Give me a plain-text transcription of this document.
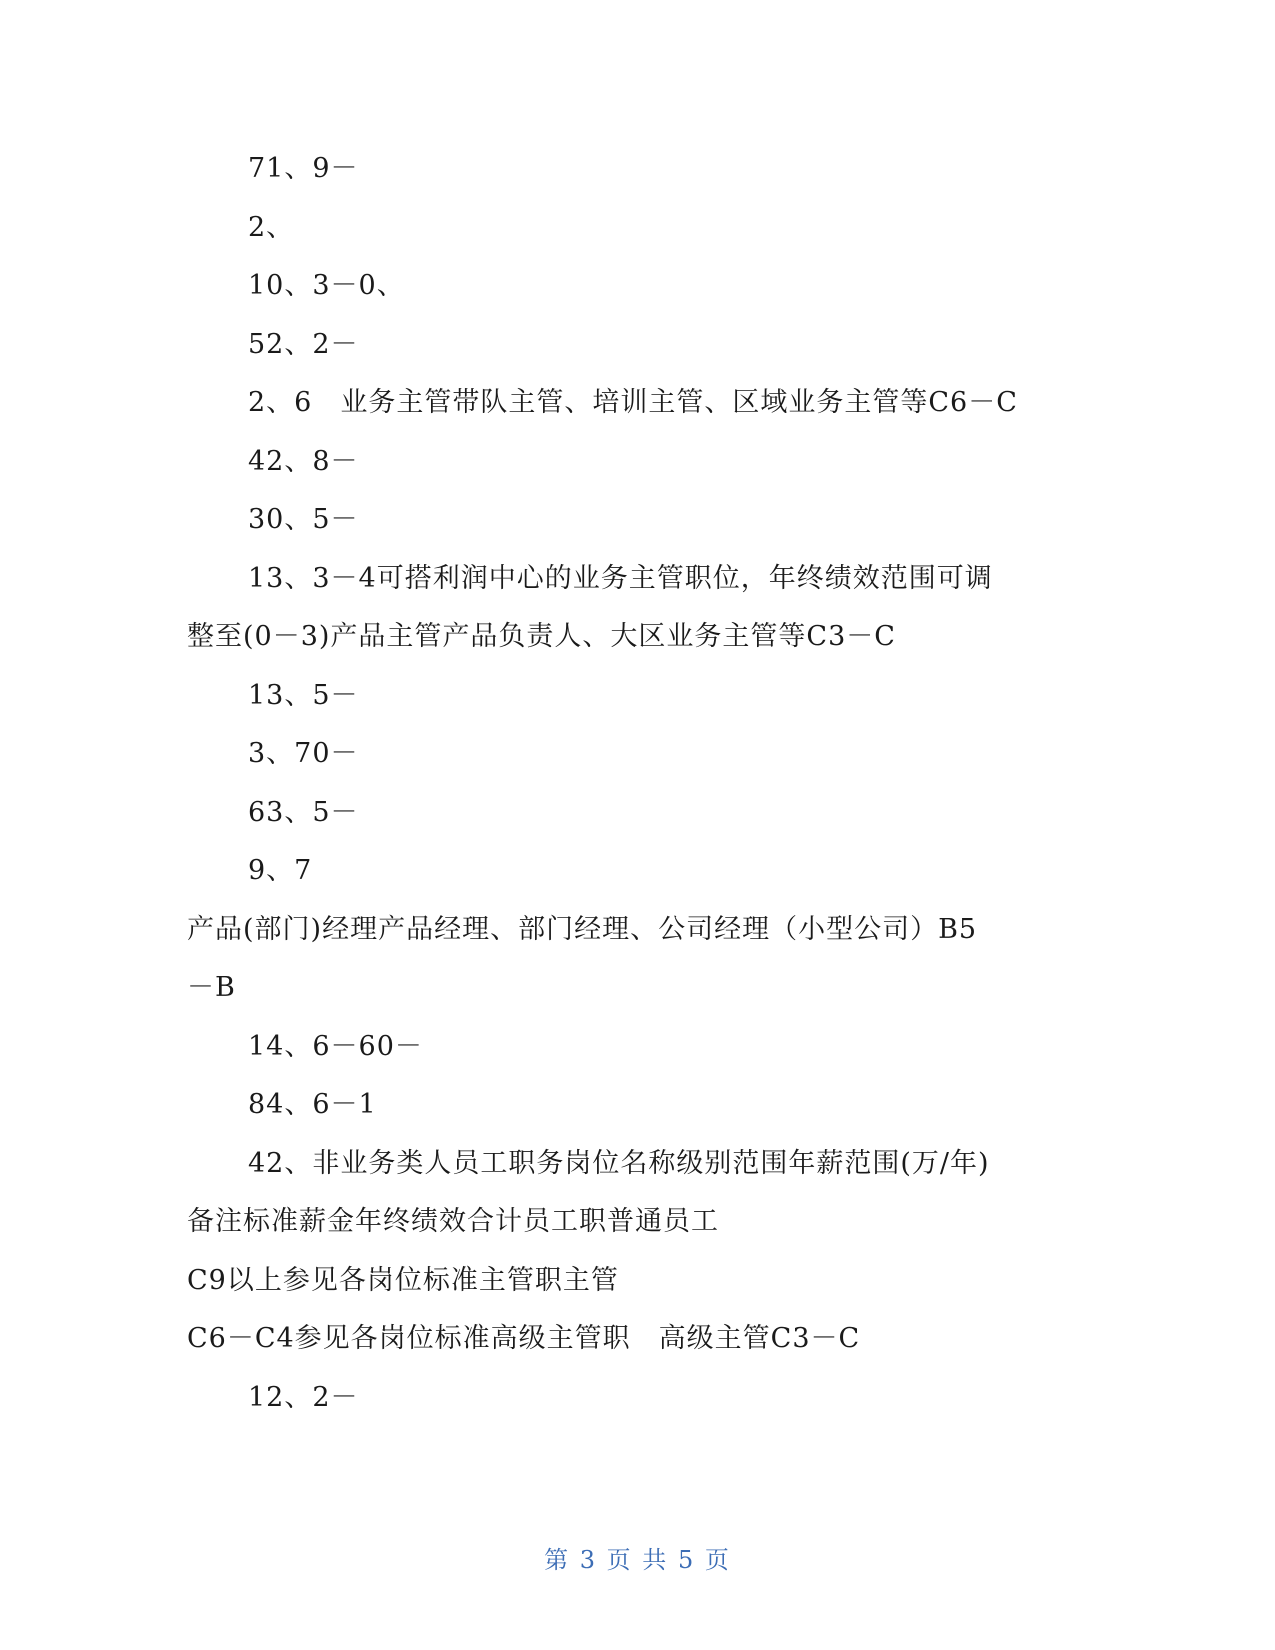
71、9－
2、
10、3－0、
52、2－
2、6　业务主管带队主管、培训主管、区域业务主管等C6－C
42、8－
30、5－
13、3－4可搭利润中心的业务主管职位，年终绩效范围可调
整至(0－3)产品主管产品负责人、大区业务主管等C3－C
13、5－
3、70－
63、5－
9、7
产品(部门)经理产品经理、部门经理、公司经理（小型公司）B5
－B
14、6－60－
84、6－1
42、非业务类人员工职务岗位名称级别范围年薪范围(万/年)
备注标准薪金年终绩效合计员工职普通员工
C9以上参见各岗位标准主管职主管
C6－C4参见各岗位标准高级主管职　高级主管C3－C
12、2－
第 3 页 共 5 页
